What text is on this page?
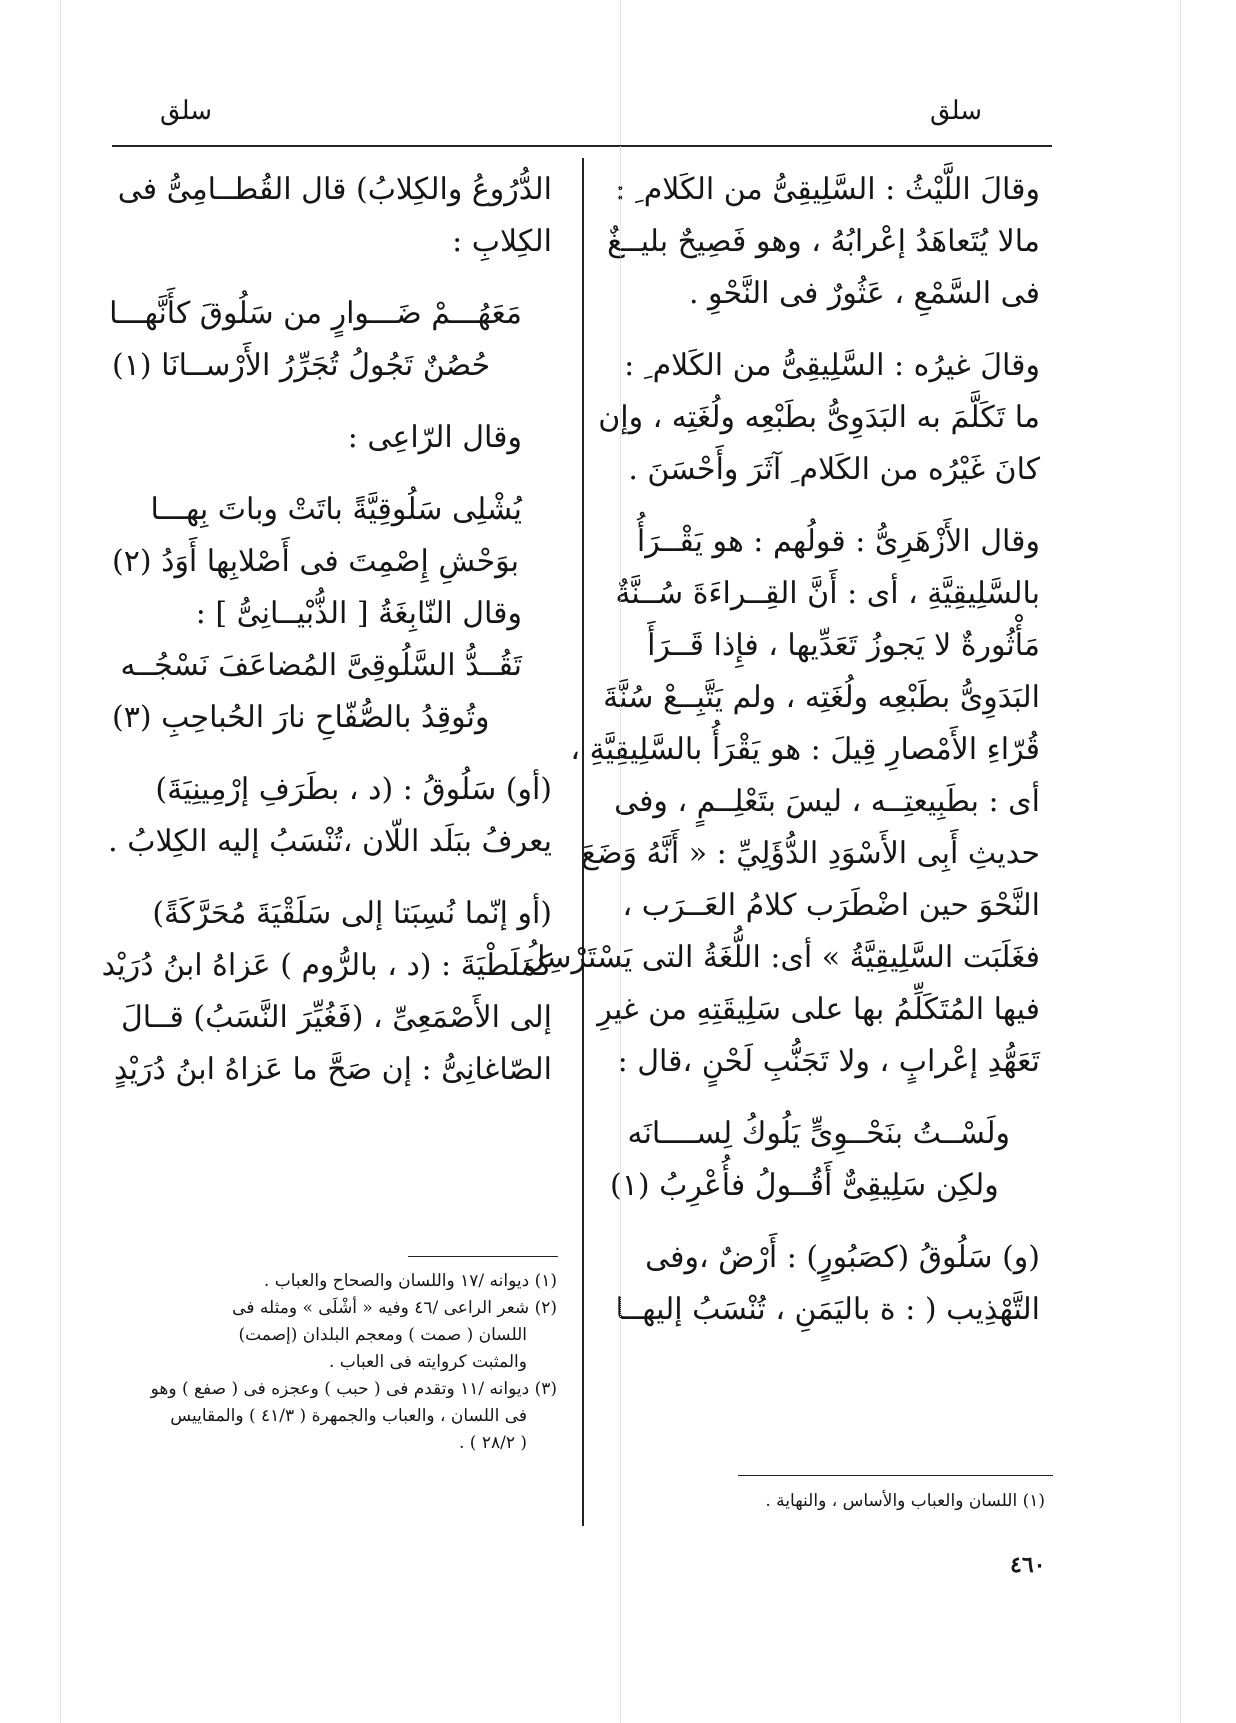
سلق	سلق
وقالَ اللَّيْثُ : السَّلِيقِىُّ من الكَلام ِ :
مالا يُتَعاهَدُ إعْرابُهُ ، وهو فَصِيحٌ بليــغٌ
فى السَّمْعِ ، عَثُورٌ فى النَّحْوِ .
وقالَ غيرُه : السَّلِيقِىُّ من الكَلام ِ :
ما تَكَلَّمَ به البَدَوِىُّ بطَبْعِه ولُغَتِه ، وإن
كانَ غَيْرُه من الكَلام ِ آثَرَ وأَحْسَنَ .
وقال الأَزْهَرِىُّ : قولُهم : هو يَقْــرَأُ
بالسَّلِيقِيَّةِ ، أى : أَنَّ القِــراءَةَ سُــنَّةٌ
مَأْثُورةٌ لا يَجوزُ تَعَدِّيها ، فإِذا قَــرَأَ
البَدَوِىُّ بطَبْعِه ولُغَتِه ، ولم يَتَّبِــعْ سُنَّةَ
قُرّاءِ الأَمْصارِ قِيلَ : هو يَقْرَأُ بالسَّلِيقِيَّةِ ،
أى : بطَبِيعتِــه ، ليسَ بتَعْلِــمٍ ، وفى
حديثِ أَبِى الأَسْوَدِ الدُّؤَلِيِّ : « أَنَّهُ وَضَعَ
النَّحْوَ حين اضْطَرَب كلامُ العَــرَب ،
فغَلَبَت السَّلِيقِيَّةُ » أى: اللُّغَةُ التى يَسْتَرْسِلُ
فيها المُتَكَلِّمُ بها على سَلِيقَتِهِ من غيرِ
تَعَهُّدِ إعْرابٍ ، ولا تَجَنُّبِ لَحْنٍ ،قال :
ولَسْــتُ بنَحْــوِىٍّ يَلُوكُ لِســــانَه
ولكِن سَلِيقِىٌّ أَقُــولُ فأُعْرِبُ (١)
(و) سَلُوقُ (كصَبُورٍ) : أَرْضٌ ،وفى
التَّهْذِيب ( : ة باليَمَنِ ، تُنْسَبُ إليهــا
الدُّرُوعُ والكِلابُ) قال القُطــامِىُّ فى
الكِلابِ :
مَعَهُـــمْ ضَـــوارٍ من سَلُوقَ كأَنَّهـــا
حُصُنٌ تَجُولُ تُجَرِّرُ الأَرْســانَا (١)
وقال الرّاعِى :
يُشْلِى سَلُوقِيَّةً باتَتْ وباتَ بِهـــا
بوَحْشِ إِصْمِتَ فى أَصْلابِها أَوَدُ (٢)
وقال النّابِغَةُ [ الذُّبْيــانِىُّ ] :
تَقُــدُّ السَّلُوقِىَّ المُضاعَفَ نَسْجُــه
وتُوقِدُ بالصُّفّاحِ نارَ الحُباحِبِ (٣)
(أو) سَلُوقُ : (د ، بطَرَفِ إرْمِينِيَةَ)
يعرفُ ببَلَد اللّان ،تُنْسَبُ إليه الكِلابُ .
(أو إنّما نُسِبَتا إلى سَلَقْيَةَ مُحَرَّكَةً)
كمَلَطْيَةَ : (د ، بالرُّوم ) عَزاهُ ابنُ دُرَيْد
إلى الأَصْمَعِىِّ ، (فَغُيِّرَ النَّسَبُ) قــالَ
الصّاغانِىُّ : إن صَحَّ ما عَزاهُ ابنُ دُرَيْدٍ
(١) ديوانه /١٧ واللسان والصحاح والعباب .
(٢) شعر الراعى /٤٦ وفيه « أشْلَى » ومثله فى
اللسان ( صمت ) ومعجم البلدان (إصمت)
والمثبت كروايته فى العباب .
(٣) ديوانه /١١ وتقدم فى ( حبب ) وعجزه فى ( صفع ) وهو
فى اللسان ، والعباب والجمهرة ( ٤١/٣ ) والمقاييس
( ٢٨/٢ ) .
(١) اللسان والعباب والأساس ، والنهاية .
٤٦٠
